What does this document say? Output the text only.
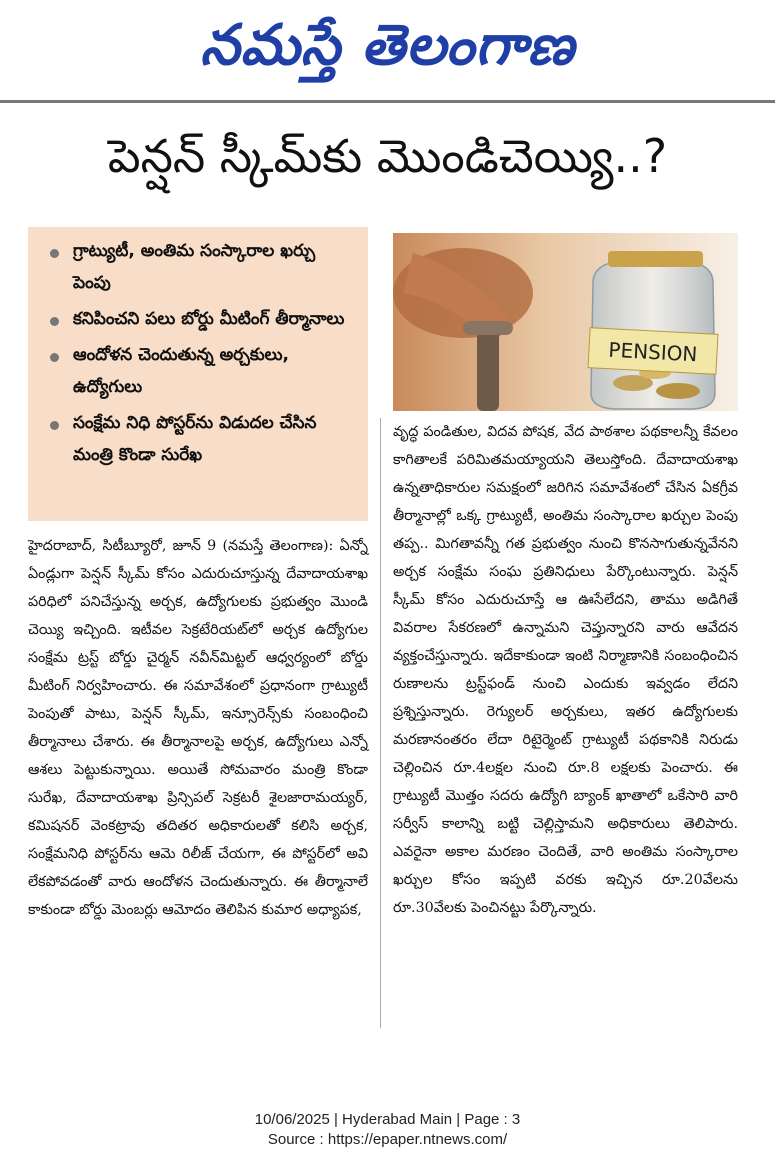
నమస్తే తెలంగాణ
పెన్షన్ స్కీమ్‌కు మొండిచెయ్యి..?
గ్రాట్యుటీ, అంతిమ సంస్కారాల ఖర్చు పెంపు
కనిపించని పలు బోర్డు మీటింగ్ తీర్మానాలు
ఆందోళన చెందుతున్న అర్చకులు, ఉద్యోగులు
సంక్షేమ నిధి పోస్టర్‌ను విడుదల చేసిన మంత్రి కొండా సురేఖ
PENSION
హైదరాబాద్, సిటీబ్యూరో, జూన్ 9 (నమస్తే తెలంగాణ): ఏన్నో ఏండ్లుగా పెన్షన్ స్కీమ్ కోసం ఎదురుచూస్తున్న దేవాదాయశాఖ పరిధిలో పనిచేస్తున్న అర్చక, ఉద్యోగులకు ప్రభుత్వం మొండి చెయ్యి ఇచ్చింది. ఇటీవల సెక్రటేరియట్‌లో అర్చక ఉద్యోగుల సంక్షేమ ట్రస్ట్ బోర్డు చైర్మన్ నవీన్‌మిట్టల్ ఆధ్వర్యంలో బోర్డు మీటింగ్ నిర్వహించారు. ఈ సమావేశంలో ప్రధానంగా గ్రాట్యుటీ పెంపుతో పాటు, పెన్షన్ స్కీమ్, ఇన్సూరెన్స్‌కు సంబంధించి తీర్మానాలు చేశారు. ఈ తీర్మానాలపై అర్చక, ఉద్యోగులు ఎన్నో ఆశలు పెట్టుకున్నాయి. అయితే సోమవారం మంత్రి కొండా సురేఖ, దేవాదాయశాఖ ప్రిన్సిపల్ సెక్రటరీ శైలజారామయ్యర్, కమిషనర్ వెంకట్రావు తదితర అధికారులతో కలిసి అర్చక, సంక్షేమనిధి పోస్టర్‌ను ఆమె రిలీజ్ చేయగా, ఈ పోస్టర్‌లో అవి లేకపోవడంతో వారు ఆందోళన చెందుతున్నారు. ఈ తీర్మానాలే కాకుండా బోర్డు మెంబర్లు ఆమోదం తెలిపిన కుమార అధ్యాపక,
వృద్ధ పండితుల, విదవ పోషక, వేద పాఠశాల పథకాలన్నీ కేవలం కాగితాలకే పరిమితమయ్యాయని తెలుస్తోంది. దేవాదాయశాఖ ఉన్నతాధికారుల సమక్షంలో జరిగిన సమావేశంలో చేసిన ఏకగ్రీవ తీర్మానాల్లో ఒక్క గ్రాట్యుటీ, అంతిమ సంస్కారాల ఖర్చుల పెంపు తప్ప.. మిగతావన్నీ గత ప్రభుత్వం నుంచి కొనసాగుతున్నవేనని అర్చక సంక్షేమ సంఘ ప్రతినిధులు పేర్కొంటున్నారు. పెన్షన్ స్కీమ్ కోసం ఎదురుచూస్తే ఆ ఊసేలేదని, తాము అడిగితే వివరాల సేకరణలో ఉన్నామని చెప్తున్నారని వారు ఆవేదన వ్యక్తంచేస్తున్నారు. ఇదేకాకుండా ఇంటి నిర్మాణానికి సంబంధించిన రుణాలను ట్రస్ట్‌ఫండ్ నుంచి ఎందుకు ఇవ్వడం లేదని ప్రశ్నిస్తున్నారు. రెగ్యులర్ అర్చకులు, ఇతర ఉద్యోగులకు మరణానంతరం లేదా రిటైర్మెంట్ గ్రాట్యుటీ పథకానికి నిరుడు చెల్లించిన రూ.4లక్షల నుంచి రూ.8 లక్షలకు పెంచారు. ఈ గ్రాట్యుటీ మొత్తం సదరు ఉద్యోగి బ్యాంక్ ఖాతాలో ఒకేసారి వారి సర్వీస్ కాలాన్ని బట్టి చెల్లిస్తామని అధికారులు తెలిపారు. ఎవరైనా అకాల మరణం చెందితే, వారి అంతిమ సంస్కారాల ఖర్చుల కోసం ఇప్పటి వరకు ఇచ్చిన రూ.20వేలను రూ.30వేలకు పెంచినట్టు పేర్కొన్నారు.
10/06/2025 | Hyderabad Main | Page : 3
Source : https://epaper.ntnews.com/
